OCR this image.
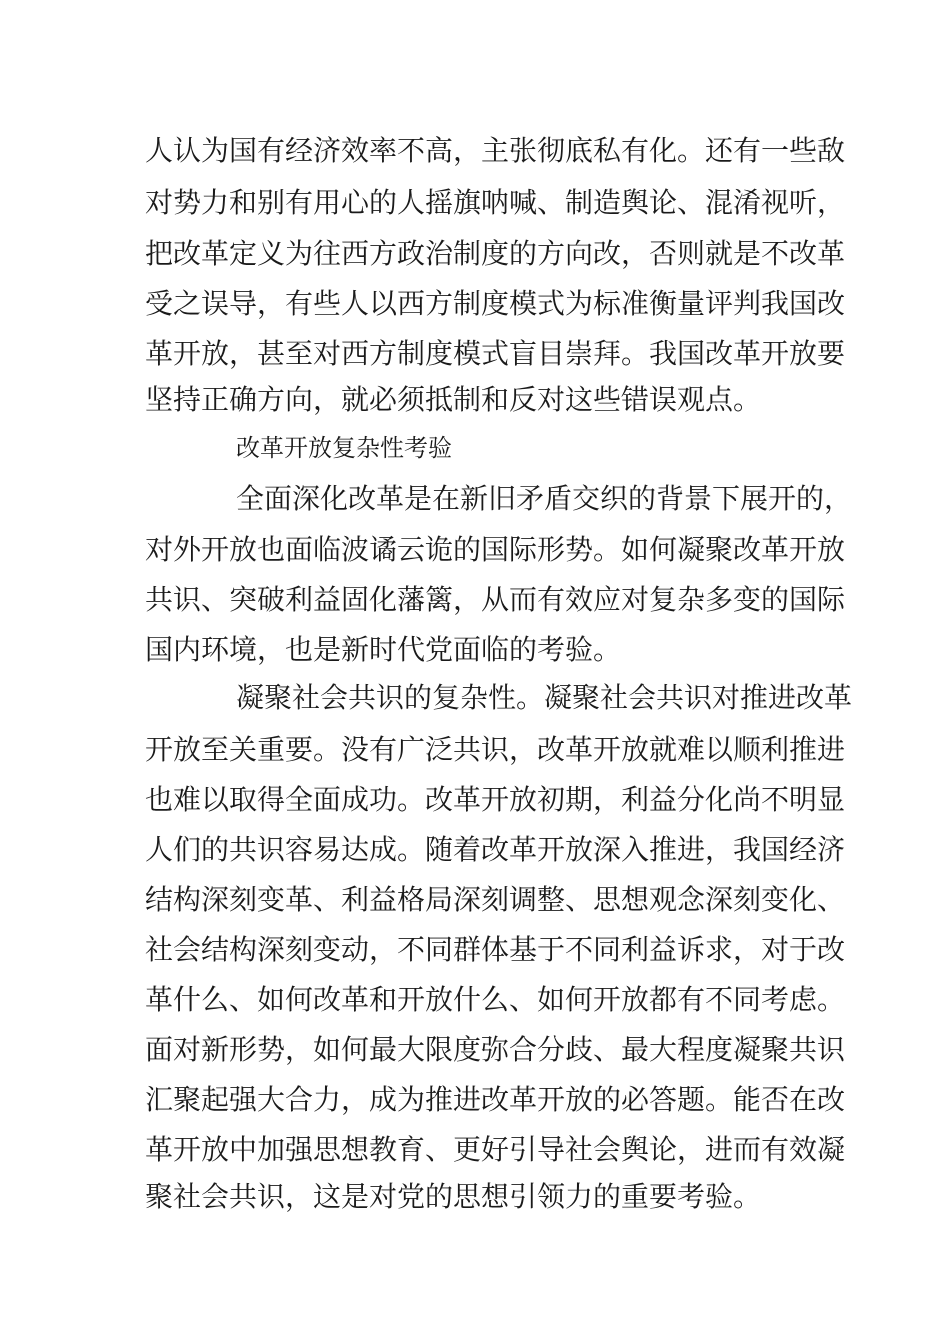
人认为国有经济效率不高，主张彻底私有化。还有一些敌

对势力和别有用心的人摇旗呐喊、制造舆论、混淆视听，

把改革定义为往西方政治制度的方向改，否则就是不改革

受之误导，有些人以西方制度模式为标准衡量评判我国改

革开放，甚至对西方制度模式盲目崇拜。我国改革开放要

坚持正确方向，就必须抵制和反对这些错误观点。

改革开放复杂性考验

全面深化改革是在新旧矛盾交织的背景下展开的，

对外开放也面临波谲云诡的国际形势。如何凝聚改革开放

共识、突破利益固化藩篱，从而有效应对复杂多变的国际

国内环境，也是新时代党面临的考验。

凝聚社会共识的复杂性。凝聚社会共识对推进改革

开放至关重要。没有广泛共识，改革开放就难以顺利推进

也难以取得全面成功。改革开放初期，利益分化尚不明显

人们的共识容易达成。随着改革开放深入推进，我国经济

结构深刻变革、利益格局深刻调整、思想观念深刻变化、

社会结构深刻变动，不同群体基于不同利益诉求，对于改

革什么、如何改革和开放什么、如何开放都有不同考虑。

面对新形势，如何最大限度弥合分歧、最大程度凝聚共识

汇聚起强大合力，成为推进改革开放的必答题。能否在改

革开放中加强思想教育、更好引导社会舆论，进而有效凝

聚社会共识，这是对党的思想引领力的重要考验。
